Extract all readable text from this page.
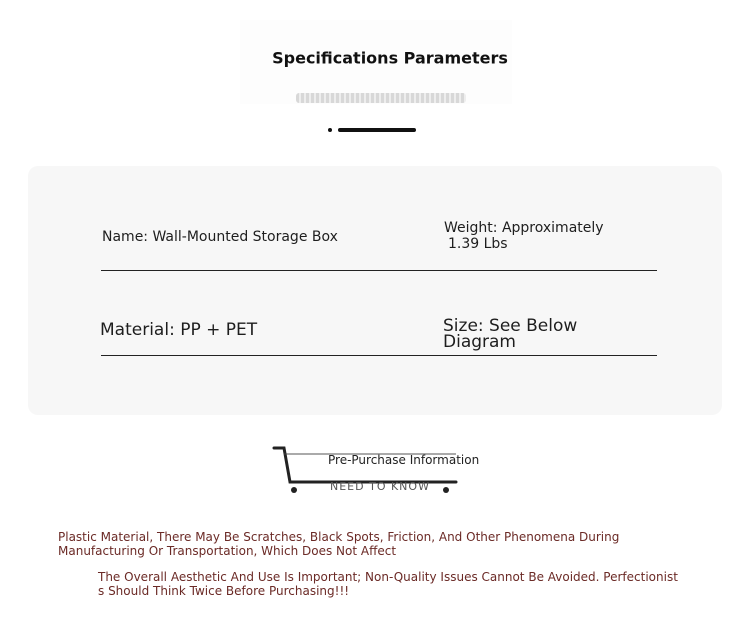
Specifications Parameters
Name: Wall-Mounted Storage Box
Weight: Approximately
1.39 Lbs
Material: PP + PET	Size: See Below
Diagram
Pre-Purchase Information
NEED TO KNOW
Plastic Material, There May Be Scratches, Black Spots, Friction, And Other Phenomena During Manufacturing Or Transportation, Which Does Not Affect
The Overall Aesthetic And Use Is Important; Non-Quality Issues Cannot Be Avoided. Perfectionists Should Think Twice Before Purchasing!!!
